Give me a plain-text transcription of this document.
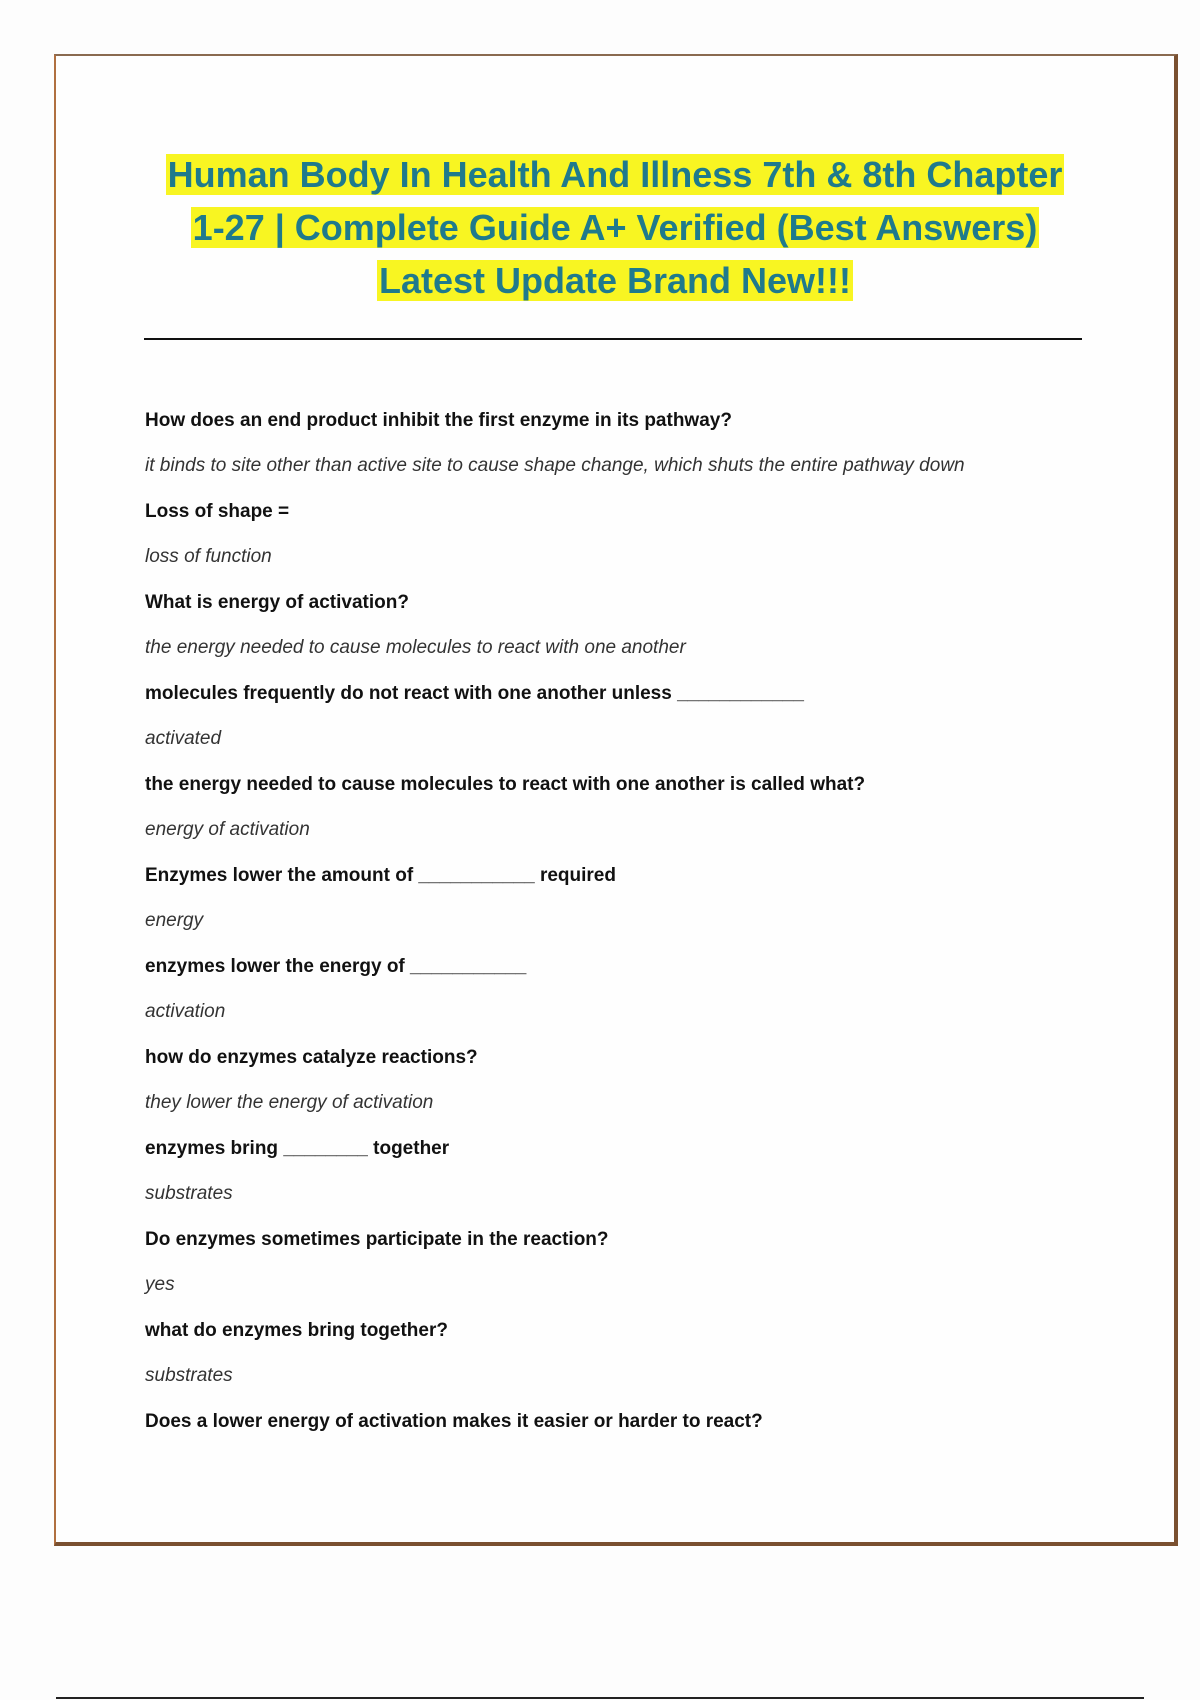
Human Body In Health And Illness 7th & 8th Chapter
1-27 | Complete Guide A+ Verified (Best Answers)
Latest Update Brand New!!!
How does an end product inhibit the first enzyme in its pathway?
it binds to site other than active site to cause shape change, which shuts the entire pathway down
Loss of shape =
loss of function
What is energy of activation?
the energy needed to cause molecules to react with one another
molecules frequently do not react with one another unless ____________
activated
the energy needed to cause molecules to react with one another is called what?
energy of activation
Enzymes lower the amount of ___________ required
energy
enzymes lower the energy of ___________
activation
how do enzymes catalyze reactions?
they lower the energy of activation
enzymes bring ________ together
substrates
Do enzymes sometimes participate in the reaction?
yes
what do enzymes bring together?
substrates
Does a lower energy of activation makes it easier or harder to react?
